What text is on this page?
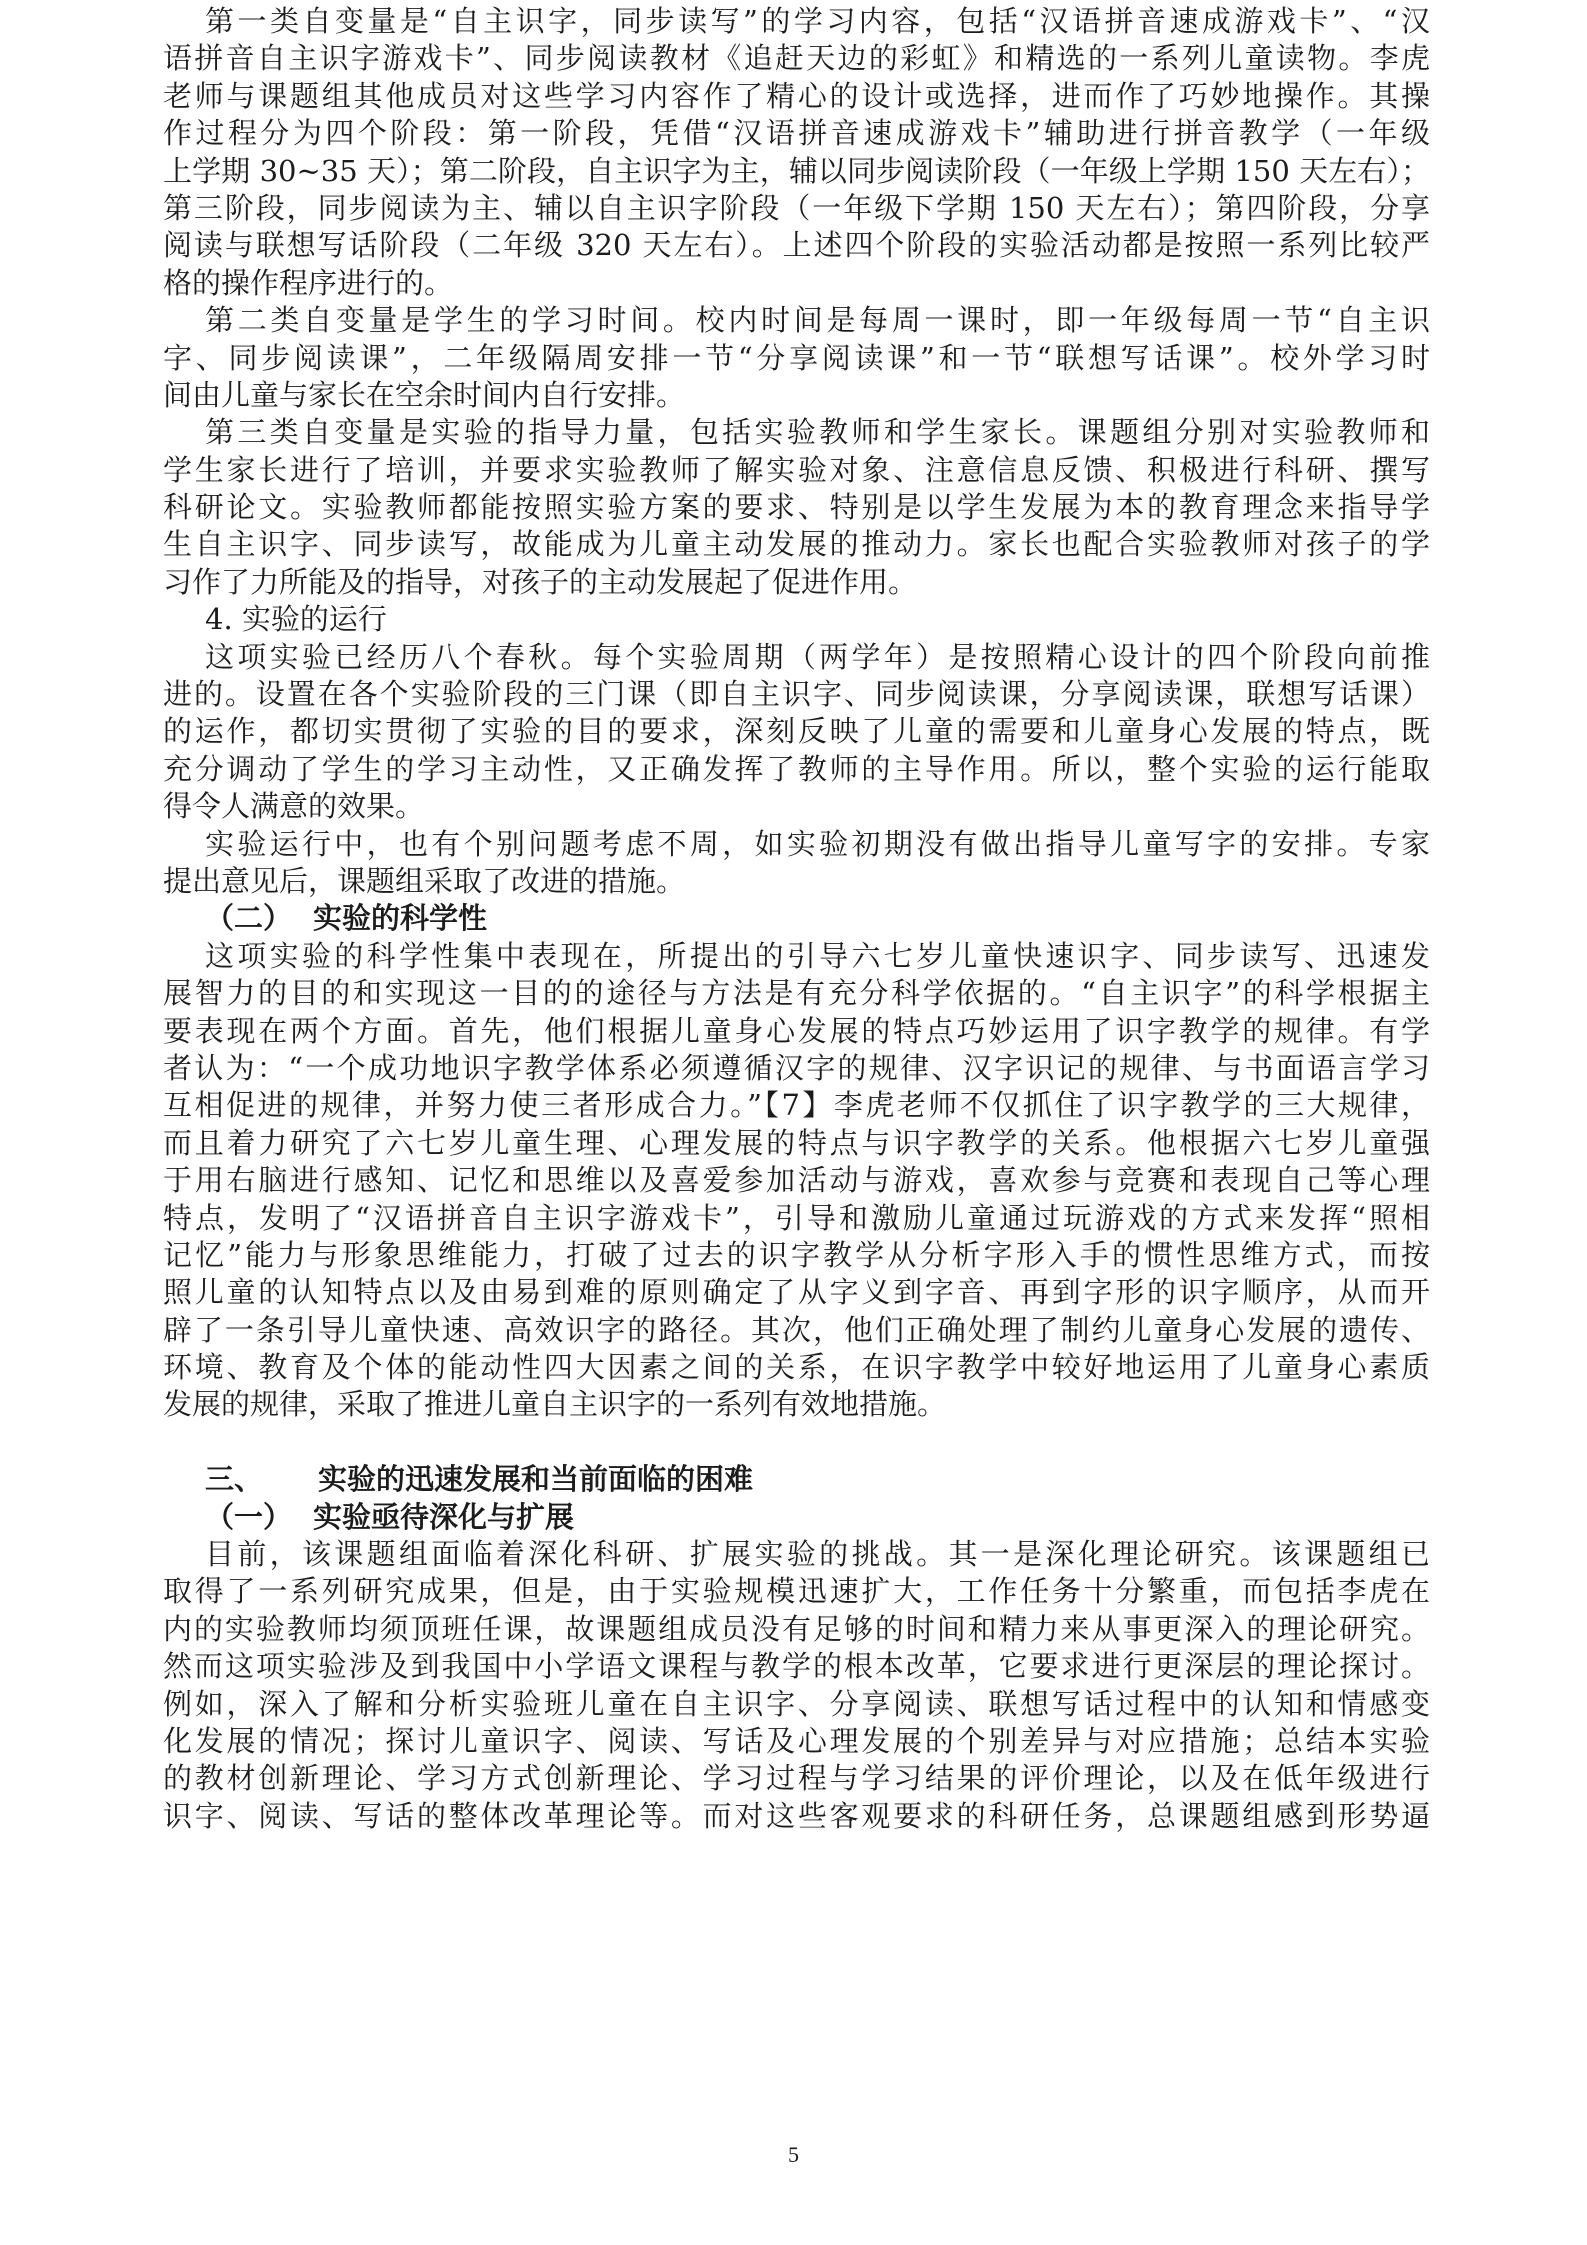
第一类自变量是“自主识字，同步读写”的学习内容，包括“汉语拼音速成游戏卡”、“汉
语拼音自主识字游戏卡”、同步阅读教材《追赶天边的彩虹》和精选的一系列儿童读物。李虎
老师与课题组其他成员对这些学习内容作了精心的设计或选择，进而作了巧妙地操作。其操
作过程分为四个阶段：第一阶段，凭借“汉语拼音速成游戏卡”辅助进行拼音教学（一年级
上学期 30~35 天）；第二阶段，自主识字为主，辅以同步阅读阶段（一年级上学期 150 天左右）；
第三阶段，同步阅读为主、辅以自主识字阶段（一年级下学期 150 天左右）；第四阶段，分享
阅读与联想写话阶段（二年级 320 天左右）。上述四个阶段的实验活动都是按照一系列比较严
格的操作程序进行的。
第二类自变量是学生的学习时间。校内时间是每周一课时，即一年级每周一节“自主识
字、同步阅读课”，二年级隔周安排一节“分享阅读课”和一节“联想写话课”。校外学习时
间由儿童与家长在空余时间内自行安排。
第三类自变量是实验的指导力量，包括实验教师和学生家长。课题组分别对实验教师和
学生家长进行了培训，并要求实验教师了解实验对象、注意信息反馈、积极进行科研、撰写
科研论文。实验教师都能按照实验方案的要求、特别是以学生发展为本的教育理念来指导学
生自主识字、同步读写，故能成为儿童主动发展的推动力。家长也配合实验教师对孩子的学
习作了力所能及的指导，对孩子的主动发展起了促进作用。
4. 实验的运行
这项实验已经历八个春秋。每个实验周期（两学年）是按照精心设计的四个阶段向前推
进的。设置在各个实验阶段的三门课（即自主识字、同步阅读课，分享阅读课，联想写话课）
的运作，都切实贯彻了实验的目的要求，深刻反映了儿童的需要和儿童身心发展的特点，既
充分调动了学生的学习主动性，又正确发挥了教师的主导作用。所以，整个实验的运行能取
得令人满意的效果。
实验运行中，也有个别问题考虑不周，如实验初期没有做出指导儿童写字的安排。专家
提出意见后，课题组采取了改进的措施。
（二） 实验的科学性
这项实验的科学性集中表现在，所提出的引导六七岁儿童快速识字、同步读写、迅速发
展智力的目的和实现这一目的的途径与方法是有充分科学依据的。“自主识字”的科学根据主
要表现在两个方面。首先，他们根据儿童身心发展的特点巧妙运用了识字教学的规律。有学
者认为：“一个成功地识字教学体系必须遵循汉字的规律、汉字识记的规律、与书面语言学习
互相促进的规律，并努力使三者形成合力。”【7】李虎老师不仅抓住了识字教学的三大规律，
而且着力研究了六七岁儿童生理、心理发展的特点与识字教学的关系。他根据六七岁儿童强
于用右脑进行感知、记忆和思维以及喜爱参加活动与游戏，喜欢参与竞赛和表现自己等心理
特点，发明了“汉语拼音自主识字游戏卡”，引导和激励儿童通过玩游戏的方式来发挥“照相
记忆”能力与形象思维能力，打破了过去的识字教学从分析字形入手的惯性思维方式，而按
照儿童的认知特点以及由易到难的原则确定了从字义到字音、再到字形的识字顺序，从而开
辟了一条引导儿童快速、高效识字的路径。其次，他们正确处理了制约儿童身心发展的遗传、
环境、教育及个体的能动性四大因素之间的关系，在识字教学中较好地运用了儿童身心素质
发展的规律，采取了推进儿童自主识字的一系列有效地措施。
三、 实验的迅速发展和当前面临的困难
（一） 实验亟待深化与扩展
目前，该课题组面临着深化科研、扩展实验的挑战。其一是深化理论研究。该课题组已
取得了一系列研究成果，但是，由于实验规模迅速扩大，工作任务十分繁重，而包括李虎在
内的实验教师均须顶班任课，故课题组成员没有足够的时间和精力来从事更深入的理论研究。
然而这项实验涉及到我国中小学语文课程与教学的根本改革，它要求进行更深层的理论探讨。
例如，深入了解和分析实验班儿童在自主识字、分享阅读、联想写话过程中的认知和情感变
化发展的情况；探讨儿童识字、阅读、写话及心理发展的个别差异与对应措施；总结本实验
的教材创新理论、学习方式创新理论、学习过程与学习结果的评价理论，以及在低年级进行
识字、阅读、写话的整体改革理论等。而对这些客观要求的科研任务，总课题组感到形势逼
5
